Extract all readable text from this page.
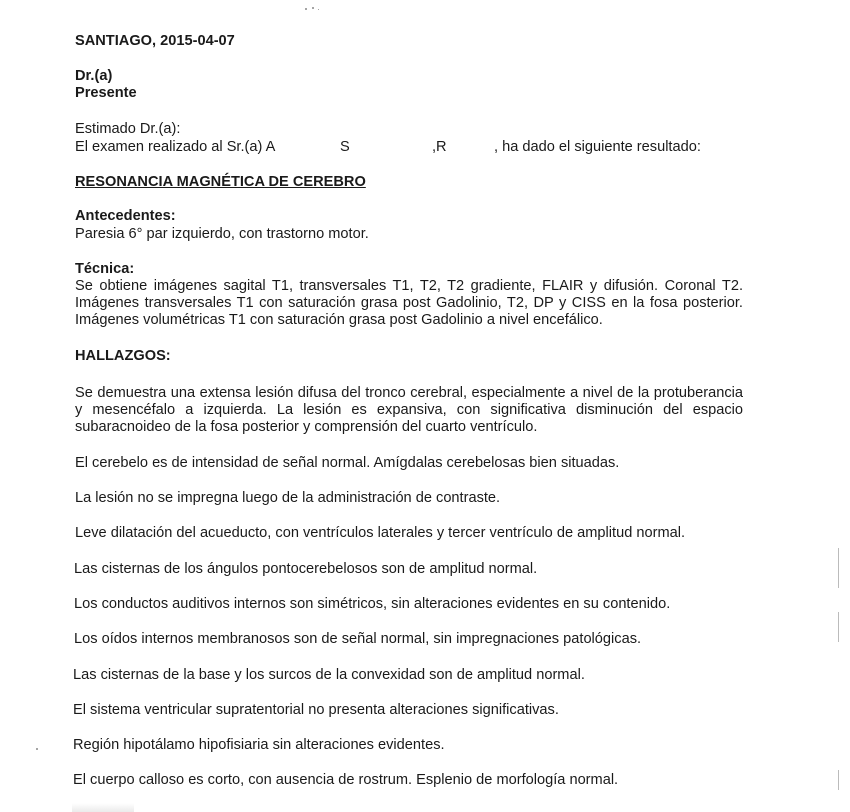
SANTIAGO, 2015-04-07
Dr.(a)
Presente
Estimado Dr.(a):
El examen realizado al Sr.(a) A	S	,R	, ha dado el siguiente resultado:
RESONANCIA MAGNÉTICA DE CEREBRO
Antecedentes:
Paresia 6° par izquierdo, con trastorno motor.
Técnica:
Se obtiene imágenes sagital T1, transversales T1, T2, T2 gradiente, FLAIR y difusión. Coronal T2. Imágenes transversales T1 con saturación grasa post Gadolinio, T2, DP y CISS en la fosa posterior. Imágenes volumétricas T1 con saturación grasa post Gadolinio a nivel encefálico.
HALLAZGOS:
Se demuestra una extensa lesión difusa del tronco cerebral, especialmente a nivel de la protuberancia y mesencéfalo a izquierda. La lesión es expansiva, con significativa disminución del espacio subaracnoideo de la fosa posterior y comprensión del cuarto ventrículo.
El cerebelo es de intensidad de señal normal. Amígdalas cerebelosas bien situadas.
La lesión no se impregna luego de la administración de contraste.
Leve dilatación del acueducto, con ventrículos laterales y tercer ventrículo de amplitud normal.
Las cisternas de los ángulos pontocerebelosos son de amplitud normal.
Los conductos auditivos internos son simétricos, sin alteraciones evidentes en su contenido.
Los oídos internos membranosos son de señal normal, sin impregnaciones patológicas.
Las cisternas de la base y los surcos de la convexidad son de amplitud normal.
El sistema ventricular supratentorial no presenta alteraciones significativas.
Región hipotálamo hipofisiaria sin alteraciones evidentes.
El cuerpo calloso es corto, con ausencia de rostrum. Esplenio de morfología normal.
